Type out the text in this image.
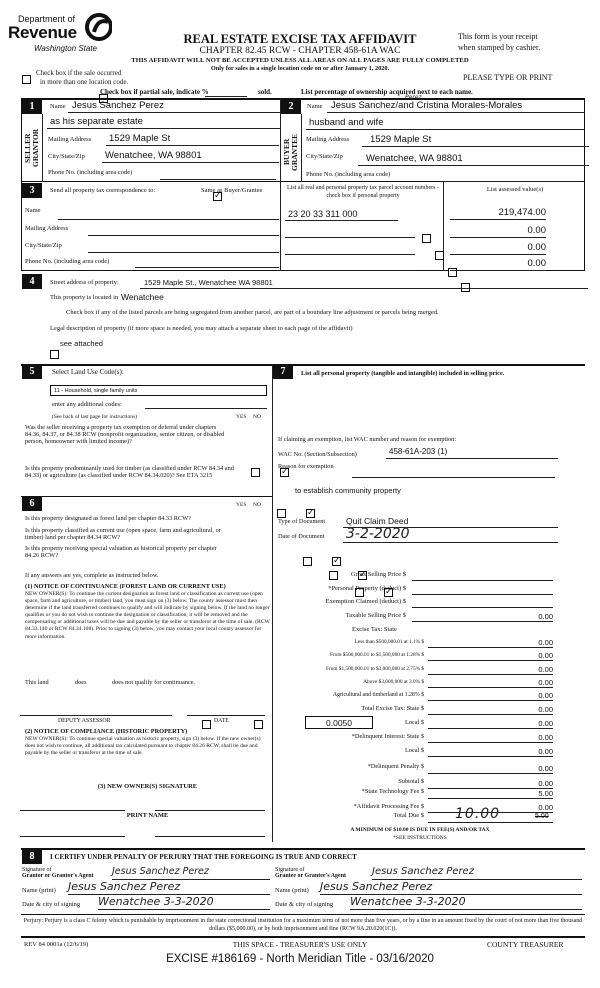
Department of
Revenue
Washington State
REAL ESTATE EXCISE TAX AFFIDAVIT
CHAPTER 82.45 RCW - CHAPTER 458-61A WAC
This form is your receipt
when stamped by cashier.
THIS AFFIDAVIT WILL NOT BE ACCEPTED UNLESS ALL AREAS ON ALL PAGES ARE FULLY COMPLETED
Only for sales in a single location code on or after January 1, 2020.

Check box if the sale occurred
in more than one location code.	PLEASE TYPE OR PRINT

Check box if partial sale, indicate %	sold.	List percentage of ownership acquired next to each name.
1
SELLER GRANTOR
Name Jesus Sanchez Perez
as his separate estate
Mailing Address	1529 Maple St
City/State/Zip	Wenatchee, WA 98801
Phone No. (including area code)
2
BUYER GRANTEE
Name
Perez
Jesus Sanchez/and Cristina Morales-Morales
husband and wife
Mailing Address	1529 Maple St
City/State/Zip	Wenatchee, WA 98801
Phone No. (including area code)
3	Send all property tax correspondence to:
✓	Same as Buyer/Grantee
Name
Mailing Address
City/State/Zip
Phone No. (including area code)
List all real and personal property tax parcel account numbers - check box if personal property
List assessed value(s)
23 20 33 311 000
	219,474.00

0.00

0.00
0.00
4	Street address of property:	1529 Maple St., Wenatchee WA 98801
This property is located in Wenatchee

Check box if any of the listed parcels are being segregated from another parcel, are part of a boundary line adjustment or parcels being merged.
Legal description of property (if more space is needed, you may attach a separate sheet to each page of the affidavit)
see attached
5	Select Land Use Code(s):
11 - Household, single family units
enter any additional codes:
(See back of last page for instructions)	YES NO
Was the seller receiving a property tax exemption or deferral under chapters 84.36, 84.37, or 84.38 RCW (nonprofit organization, senior citizen, or disabled person, homeowner with limited income)?
✓
Is this property predominantly used for timber (as classified under RCW 84.34 and 84.33) or agriculture (as classified under RCW 84.34.020)? See ETA 3215
✓
6	YES NO
Is this property designated as forest land per chapter 84.33 RCW?
✓
Is this property classified as current use (open space, farm and agricultural, or timber) land per chapter 84.34 RCW?
✓
Is this property receiving special valuation as historical property per chapter 84.26 RCW?
✓
If any answers are yes, complete as instructed below.
(1) NOTICE OF CONTINUANCE (FOREST LAND OR CURRENT USE)
NEW OWNER(S): To continue the current designation as forest land or classification as current use (open space, farm and agriculture, or timber) land, you must sign on (3) below. The county assessor must then determine if the land transferred continues to qualify and will indicate by signing below. If the land no longer qualifies or you do not wish to continue the designation or classification, it will be removed and the compensating or additional taxes will be due and payable by the seller or transferor at the time of sale. (RCW 84.33.140 or RCW 84.34.108). Prior to signing (3) below, you may contact your local county assessor for more information.
This land
	does	does not qualify for continuance.
DEPUTY ASSESSOR	DATE
(2) NOTICE OF COMPLIANCE (HISTORIC PROPERTY)
NEW OWNER(S): To continue special valuation as historic property, sign (3) below. If the new owner(s) does not wish to continue, all additional tax calculated pursuant to chapter 84.26 RCW, shall be due and payable by the seller or transferor at the time of sale.
(3) NEW OWNER(S) SIGNATURE
PRINT NAME
7	List all personal property (tangible and intangible) included in selling price.
If claiming an exemption, list WAC number and reason for exemption:
WAC No. (Section/Subsection)	458-61A-203 (1)
Reason for exemption
to establish community property
Type of Document	Quit Claim Deed
Date of Document 3-2-2020
Gross Selling Price $
*Personal Property (deduct) $
Exemption Claimed (deduct) $
Taxable Selling Price $	0.00
Excise Tax: State
Less than $500,000.01 at 1.1% $	0.00
From $500,000.01 to $1,500,000 at 1.28% $	0.00
From $1,500,000.01 to $3,000,000 at 2.75% $	0.00
Above $3,000,000 at 3.0% $	0.00
Agricultural and timberland at 1.28% $	0.00
Total Excise Tax: State $	0.00
0.0050	Local $	0.00
*Delinquent Interest: State $	0.00
Local $	0.00
*Delinquent Penalty $	0.00
Subtotal $	0.00
*State Technology Fee $	5.00
*Affidavit Processing Fee $	0.00
Total Due $ 10.00	5.00
A MINIMUM OF $10.00 IS DUE IN FEE(S) AND/OR TAX
*SEE INSTRUCTIONS
8	I CERTIFY UNDER PENALTY OF PERJURY THAT THE FOREGOING IS TRUE AND CORRECT
Signature of
Grantor or Grantor's Agent Jesus Sanchez Perez
Name (print) Jesus Sanchez Perez
Date & city of signing Wenatchee 3-3-2020
Signature of
Grantee or Grantee's Agent	Jesus Sanchez Perez
Name (print) Jesus Sanchez Perez
Date & city of signing Wenatchee 3-3-2020
Perjury: Perjury is a class C felony which is punishable by imprisonment in the state correctional institution for a maximum term of not more than five years, or by a fine in an amount fixed by the court of not more than five thousand dollars ($5,000.00), or by both imprisonment and fine (RCW 9A.20.020(1C)).
REV 84 0001a (12/6/19)	THIS SPACE - TREASURER'S USE ONLY	COUNTY TREASURER
EXCISE #186169 - North Meridian Title - 03/16/2020
